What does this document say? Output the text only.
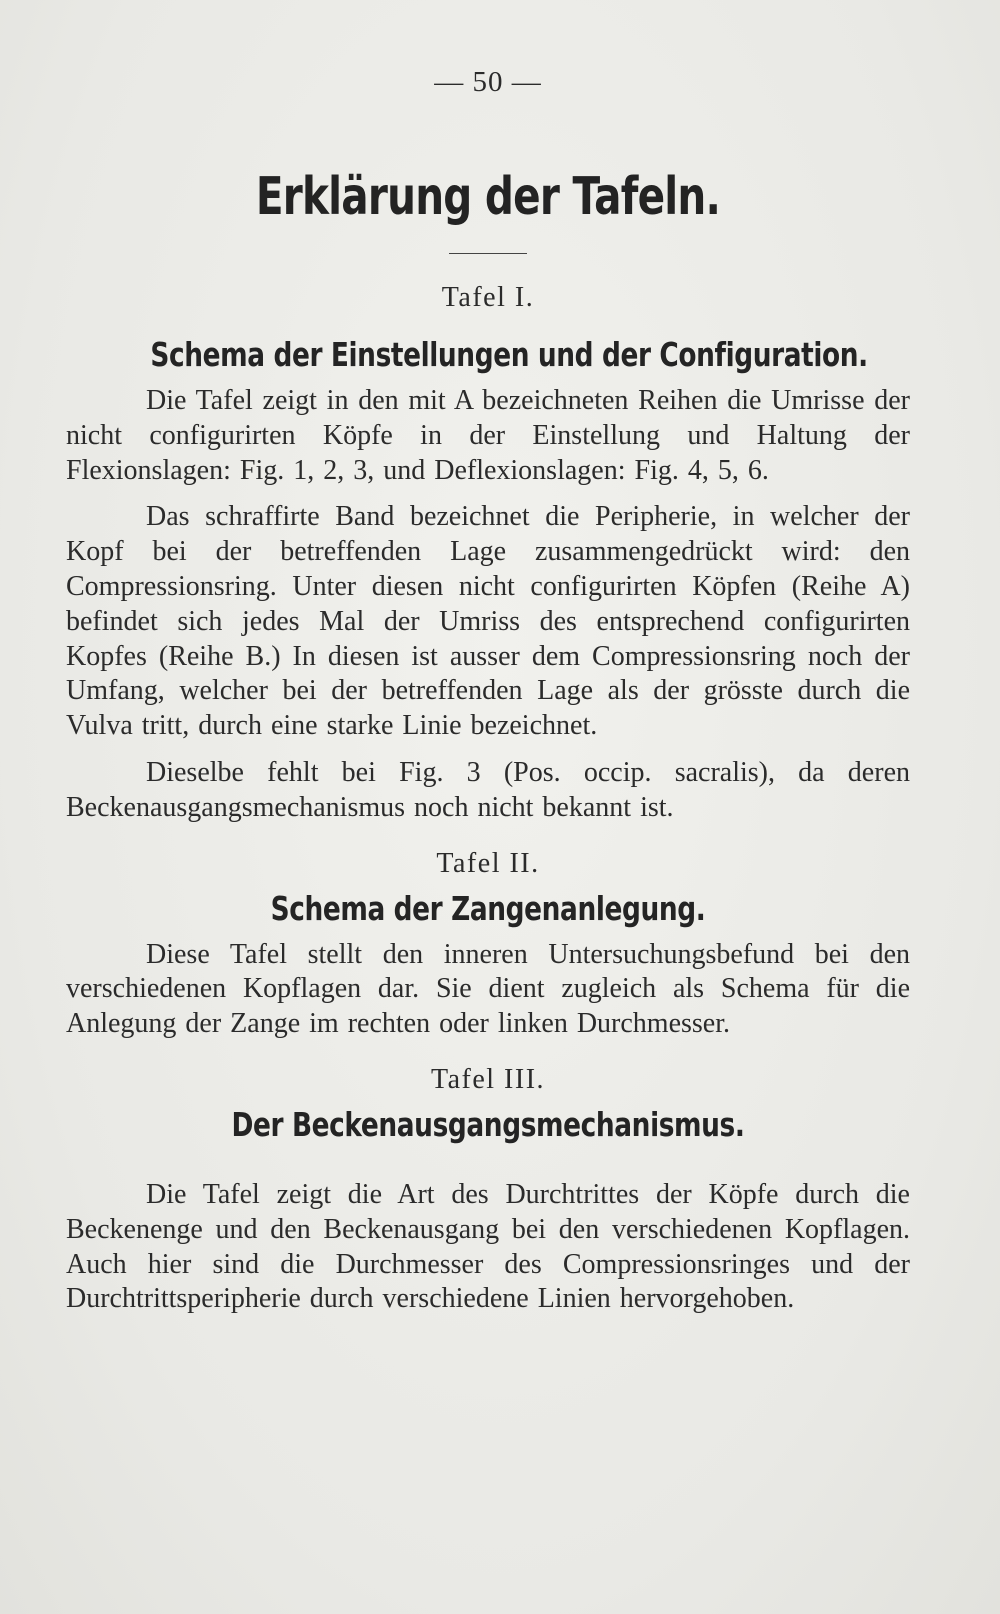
— 50 —
Erklärung der Tafeln.
Tafel I.
Schema der Einstellungen und der Configuration.

Die Tafel zeigt in den mit A bezeichneten Reihen die Umrisse der nicht configurirten Köpfe in der Einstellung und Haltung der Flexionslagen: Fig. 1, 2, 3, und Deflexionslagen: Fig. 4, 5, 6.

Das schraffirte Band bezeichnet die Peripherie, in welcher der Kopf bei der betreffenden Lage zusammengedrückt wird: den Compressionsring. Unter diesen nicht configurirten Köpfen (Reihe A) befindet sich jedes Mal der Umriss des entsprechend configurirten Kopfes (Reihe B.) In diesen ist ausser dem Compressionsring noch der Umfang, welcher bei der betreffenden Lage als der grösste durch die Vulva tritt, durch eine starke Linie bezeichnet.

Dieselbe fehlt bei Fig. 3 (Pos. occip. sacralis), da deren Beckenausgangsmechanismus noch nicht bekannt ist.

Tafel II.
Schema der Zangenanlegung.

Diese Tafel stellt den inneren Untersuchungsbefund bei den verschiedenen Kopflagen dar. Sie dient zugleich als Schema für die Anlegung der Zange im rechten oder linken Durchmesser.

Tafel III.
Der Beckenausgangsmechanismus.

Die Tafel zeigt die Art des Durchtrittes der Köpfe durch die Beckenenge und den Beckenausgang bei den verschiedenen Kopflagen. Auch hier sind die Durchmesser des Compressionsringes und der Durchtrittsperipherie durch verschiedene Linien hervorgehoben.
